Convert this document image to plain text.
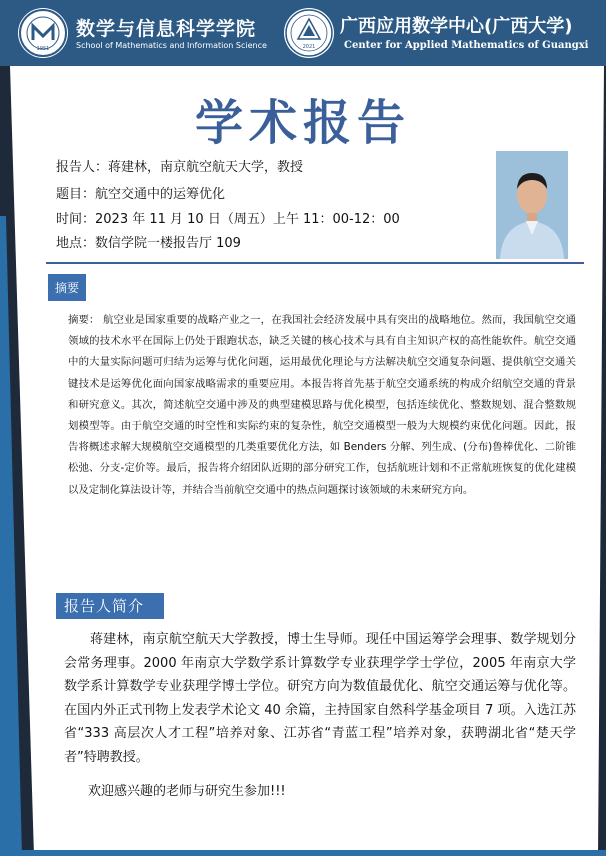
1951
数学与信息科学学院
School of Mathematics and Information Science	2021
广西应用数学中心(广西大学)
Center for Applied Mathematics of Guangxi
学术报告
报告人：蒋建林，南京航空航天大学，教授
题目：航空交通中的运筹优化
时间：2023 年 11 月 10 日（周五）上午 11：00-12：00
地点：数信学院一楼报告厅 109
摘要

摘要： 航空业是国家重要的战略产业之一，在我国社会经济发展中具有突出的战略地位。然而，我国航空交通领域的技术水平在国际上仍处于跟跑状态，缺乏关键的核心技术与具有自主知识产权的高性能软件。航空交通中的大量实际问题可归结为运筹与优化问题，运用最优化理论与方法解决航空交通复杂问题、提供航空交通关键技术是运筹优化面向国家战略需求的重要应用。本报告将首先基于航空交通系统的构成介绍航空交通的背景和研究意义。其次，简述航空交通中涉及的典型建模思路与优化模型，包括连续优化、整数规划、混合整数规划模型等。由于航空交通的时空性和实际约束的复杂性，航空交通模型一般为大规模约束优化问题。因此，报告将概述求解大规模航空交通模型的几类重要优化方法，如 Benders 分解、列生成、(分布)鲁棒优化、二阶锥松弛、分支-定价等。最后，报告将介绍团队近期的部分研究工作，包括航班计划和不正常航班恢复的优化建模以及定制化算法设计等，并结合当前航空交通中的热点问题探讨该领域的未来研究方向。

报告人简介

蒋建林，南京航空航天大学教授，博士生导师。现任中国运筹学会理事、数学规划分会常务理事。2000 年南京大学数学系计算数学专业获理学学士学位，2005 年南京大学数学系计算数学专业获理学博士学位。研究方向为数值最优化、航空交通运筹与优化等。在国内外正式刊物上发表学术论文 40 余篇，主持国家自然科学基金项目 7 项。入选江苏省“333 高层次人才工程”培养对象、江苏省“青蓝工程”培养对象，获聘湖北省“楚天学者”特聘教授。

欢迎感兴趣的老师与研究生参加!!!
